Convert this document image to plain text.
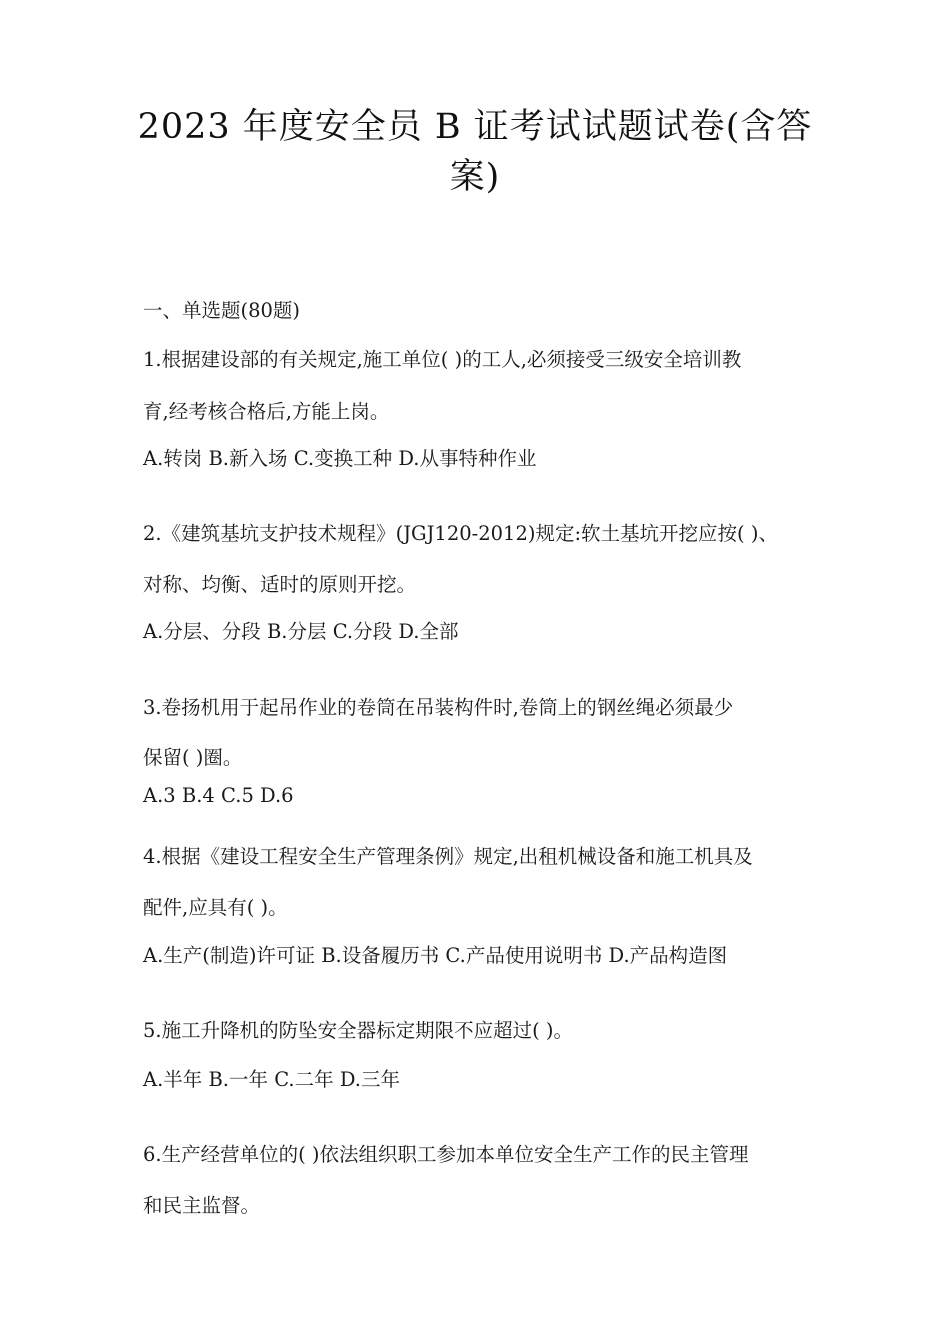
2023 年度安全员 B 证考试试题试卷(含答
案)
一、单选题(80题)
1.根据建设部的有关规定,施工单位( )的工人,必须接受三级安全培训教
育,经考核合格后,方能上岗。
A.转岗 B.新入场 C.变换工种 D.从事特种作业
2.《建筑基坑支护技术规程》(JGJ120-2012)规定:软土基坑开挖应按( )、
对称、均衡、适时的原则开挖。
A.分层、分段 B.分层 C.分段 D.全部
3.卷扬机用于起吊作业的卷筒在吊装构件时,卷筒上的钢丝绳必须最少
保留( )圈。
A.3 B.4 C.5 D.6
4.根据《建设工程安全生产管理条例》规定,出租机械设备和施工机具及
配件,应具有( )。
A.生产(制造)许可证 B.设备履历书 C.产品使用说明书 D.产品构造图
5.施工升降机的防坠安全器标定期限不应超过( )。
A.半年 B.一年 C.二年 D.三年
6.生产经营单位的( )依法组织职工参加本单位安全生产工作的民主管理
和民主监督。
